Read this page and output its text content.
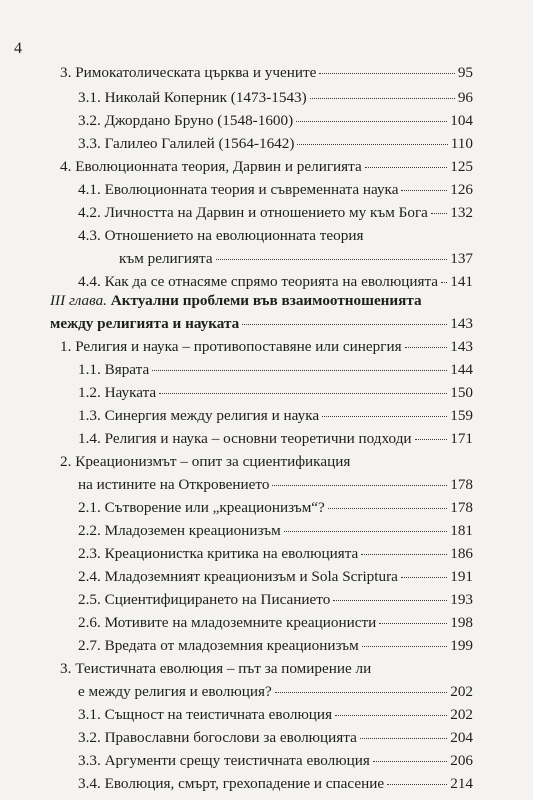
4
3. Римокатолическата църква и учените	95
3.1. Николай Коперник (1473-1543)	96
3.2. Джордано Бруно (1548-1600)	104
3.3. Галилео Галилей (1564-1642)	110
4. Еволюционната теория, Дарвин и религията	125
4.1. Еволюционната теория и съвременната наука	126
4.2. Личността на Дарвин и отношението му към Бога 132
4.3. Отношението на еволюционната теория
към религията	137
4.4. Как да се отнасяме спрямо теорията на еволюцията 141
III глава. Актуални проблеми във взаимоотношенията
между религията и науката	143
1. Религия и наука – противопоставяне или синергия	143
1.1. Вярата	144
1.2. Науката	150
1.3. Синергия между религия и наука	159
1.4. Религия и наука – основни теоретични подходи	171
2. Креационизмът – опит за сциентификация
на истините на Откровението	178
2.1. Сътворение или „креационизъм“?	178
2.2. Младоземен креационизъм	181
2.3. Креационистка критика на еволюцията	186
2.4. Младоземният креационизъм и Sola Scriptura	191
2.5. Сциентифицирането на Писанието	193
2.6. Мотивите на младоземните креационисти	198
2.7. Вредата от младоземния креационизъм	199
3. Теистичната еволюция – път за помирение ли
е между религия и еволюция?	202
3.1. Същност на теистичната еволюция	202
3.2. Православни богослови за еволюцията	204
3.3. Аргументи срещу теистичната еволюция	206
3.4. Еволюция, смърт, грехопадение и спасение	214
